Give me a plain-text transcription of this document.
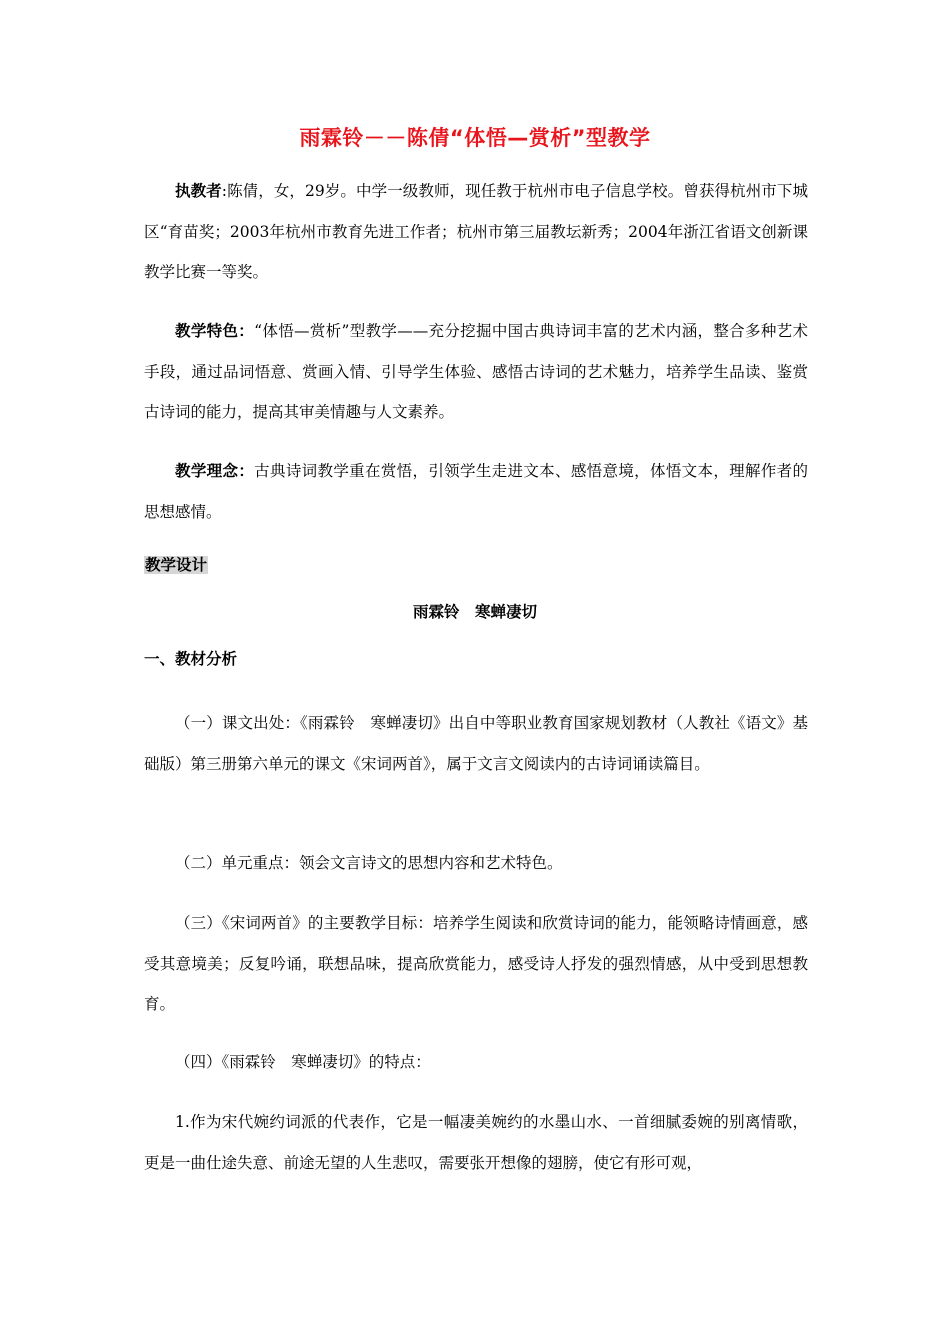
雨霖铃－－陈倩“体悟—赏析”型教学
执教者:陈倩，女，29岁。中学一级教师，现任教于杭州市电子信息学校。曾获得杭州市下城区“育苗奖；2003年杭州市教育先进工作者；杭州市第三届教坛新秀；2004年浙江省语文创新课教学比赛一等奖。
教学特色：“体悟—赏析”型教学——充分挖掘中国古典诗词丰富的艺术内涵，整合多种艺术手段，通过品词悟意、赏画入情、引导学生体验、感悟古诗词的艺术魅力，培养学生品读、鉴赏古诗词的能力，提高其审美情趣与人文素养。
教学理念：古典诗词教学重在赏悟，引领学生走进文本、感悟意境，体悟文本，理解作者的思想感情。
教学设计
雨霖铃　寒蝉凄切
一、教材分析
（一）课文出处：《雨霖铃　寒蝉凄切》出自中等职业教育国家规划教材（人教社《语文》基础版）第三册第六单元的课文《宋词两首》，属于文言文阅读内的古诗词诵读篇目。
（二）单元重点：领会文言诗文的思想内容和艺术特色。
（三）《宋词两首》的主要教学目标：培养学生阅读和欣赏诗词的能力，能领略诗情画意，感受其意境美；反复吟诵，联想品味，提高欣赏能力，感受诗人抒发的强烈情感，从中受到思想教育。
（四）《雨霖铃　寒蝉凄切》的特点：
1.作为宋代婉约词派的代表作，它是一幅凄美婉约的水墨山水、一首细腻委婉的别离情歌，更是一曲仕途失意、前途无望的人生悲叹，需要张开想像的翅膀，使它有形可观，
